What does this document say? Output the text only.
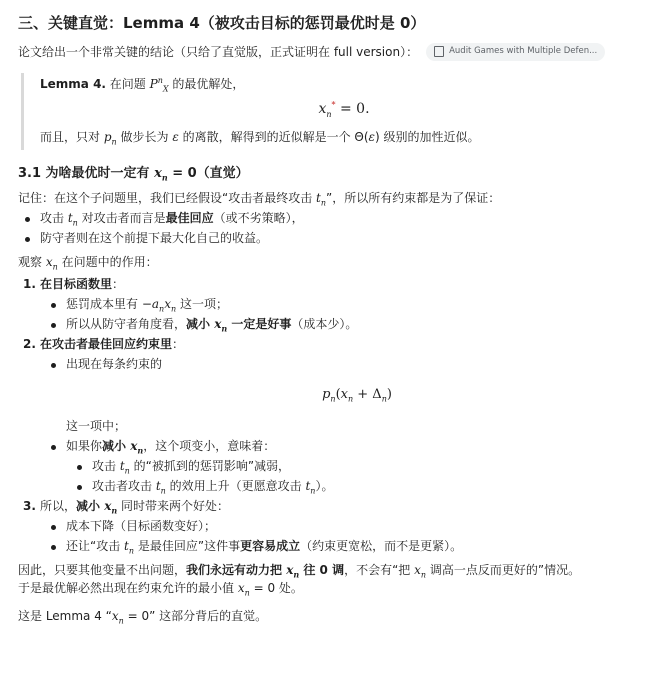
三、关键直觉：Lemma 4（被攻击目标的惩罚最优时是 0）
论文给出一个非常关键的结论（只给了直觉版，正式证明在 full version）：	Audit Games with Multiple Defen...

Lemma 4. 在问题 $P^n_X$ 的最优解处，

$x_n^* = 0$.

而且，只对 $p_n$ 做步长为 ε 的离散，解得到的近似解是一个 Θ(ε) 级别的加性近似。

3.1 为啥最优时一定有 $x_n = 0$（直觉）

记住：在这个子问题里，我们已经假设“攻击者最终攻击 $t_n$”，所以所有约束都是为了保证：

攻击 $t_n$ 对攻击者而言是最佳回应（或不劣策略），
防守者则在这个前提下最大化自己的收益。

观察 $x_n$ 在问题中的作用：

1. 在目标函数里：
惩罚成本里有 $-a_nx_n$ 这一项；
所以从防守者角度看，减小 $x_n$ 一定是好事（成本少）。
2. 在攻击者最佳回应约束里：
出现在每条约束的
$p_n(x_n + \Delta_n)$
这一项中；
如果你减小 $x_n$，这个项变小，意味着：
攻击 $t_n$ 的“被抓到的惩罚影响”减弱，
攻击者攻击 $t_n$ 的效用上升（更愿意攻击 $t_n$）。
3. 所以，减小 $x_n$ 同时带来两个好处：
成本下降（目标函数变好）；
还让“攻击 $t_n$ 是最佳回应”这件事更容易成立（约束更宽松，而不是更紧）。

因此，只要其他变量不出问题，我们永远有动力把 $x_n$ 往 0 调，不会有“把 $x_n$ 调高一点反而更好的”情况。
于是最优解必然出现在约束允许的最小值 $x_n = 0$ 处。

这是 Lemma 4 “$x_n = 0$” 这部分背后的直觉。
